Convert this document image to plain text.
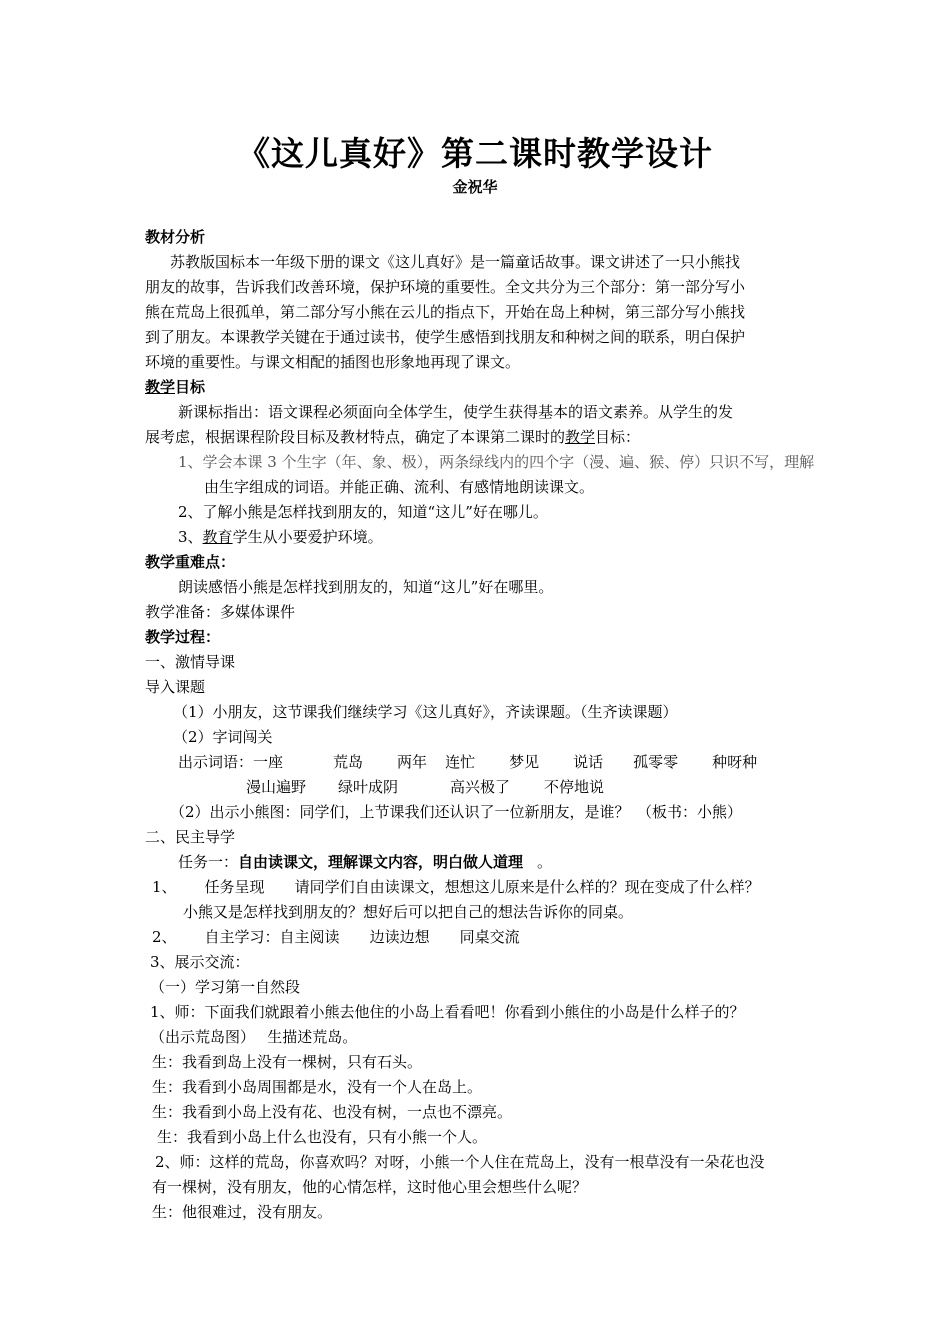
《这儿真好》第二课时教学设计
金祝华
教材分析
苏教版国标本一年级下册的课文《这儿真好》是一篇童话故事。课文讲述了一只小熊找
朋友的故事，告诉我们改善环境，保护环境的重要性。全文共分为三个部分：第一部分写小
熊在荒岛上很孤单，第二部分写小熊在云儿的指点下，开始在岛上种树，第三部分写小熊找
到了朋友。本课教学关键在于通过读书，使学生感悟到找朋友和种树之间的联系，明白保护
环境的重要性。与课文相配的插图也形象地再现了课文。
教学目标
新课标指出：语文课程必须面向全体学生，使学生获得基本的语文素养。从学生的发
展考虑，根据课程阶段目标及教材特点，确定了本课第二课时的教学目标：
1、学会本课 3 个生字（年、象、极），两条绿线内的四个字（漫、遍、猴、停）只识不写，理解
由生字组成的词语。并能正确、流利、有感情地朗读课文。
2、了解小熊是怎样找到朋友的，知道“这儿”好在哪儿。
3、教育学生从小要爱护环境。
教学重难点：
朗读感悟小熊是怎样找到朋友的，知道“这儿”好在哪里。
教学准备：多媒体课件
教学过程：
一、激情导课
导入课题
（1）小朋友，这节课我们继续学习《这儿真好》，齐读课题。（生齐读课题）
（2）字词闯关
出示词语：一座	荒岛 两年 连忙 梦见 说话 孤零零 种呀种
漫山遍野 绿叶成阴	高兴极了 不停地说
（2）出示小熊图：同学们，上节课我们还认识了一位新朋友，是谁？　（板书：小熊）
二、民主导学
任务一：自由读课文，理解课文内容，明白做人道理 。
1、 任务呈现 请同学们自由读课文，想想这儿原来是什么样的？现在变成了什么样？
小熊又是怎样找到朋友的？想好后可以把自己的想法告诉你的同桌。
2、 自主学习：自主阅读 边读边想 同桌交流
3、展示交流：
（一）学习第一自然段
1、师：下面我们就跟着小熊去他住的小岛上看看吧！你看到小熊住的小岛是什么样子的？
（出示荒岛图）　 生描述荒岛。
生：我看到岛上没有一棵树，只有石头。
生：我看到小岛周围都是水，没有一个人在岛上。
生：我看到小岛上没有花、也没有树，一点也不漂亮。
生：我看到小岛上什么也没有，只有小熊一个人。
2、师：这样的荒岛，你喜欢吗？对呀，小熊一个人住在荒岛上，没有一根草没有一朵花也没
有一棵树，没有朋友，他的心情怎样，这时他心里会想些什么呢？
生：他很难过，没有朋友。
